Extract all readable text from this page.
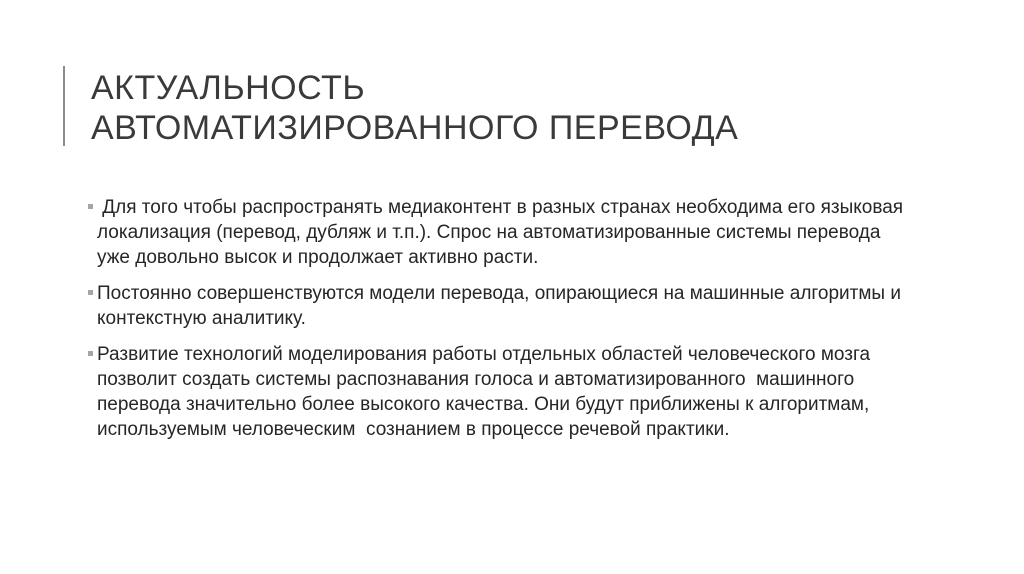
АКТУАЛЬНОСТЬ
АВТОМАТИЗИРОВАННОГО ПЕРЕВОДА
Для того чтобы распространять медиаконтент в разных странах необходима его языковая локализация (перевод, дубляж и т.п.). Спрос на автоматизированные системы перевода уже довольно высок и продолжает активно расти.
Постоянно совершенствуются модели перевода, опирающиеся на машинные алгоритмы и контекстную аналитику.
Развитие технологий моделирования работы отдельных областей человеческого мозга позволит создать системы распознавания голоса и автоматизированного  машинного перевода значительно более высокого качества. Они будут приближены к алгоритмам, используемым человеческим  сознанием в процессе речевой практики.
